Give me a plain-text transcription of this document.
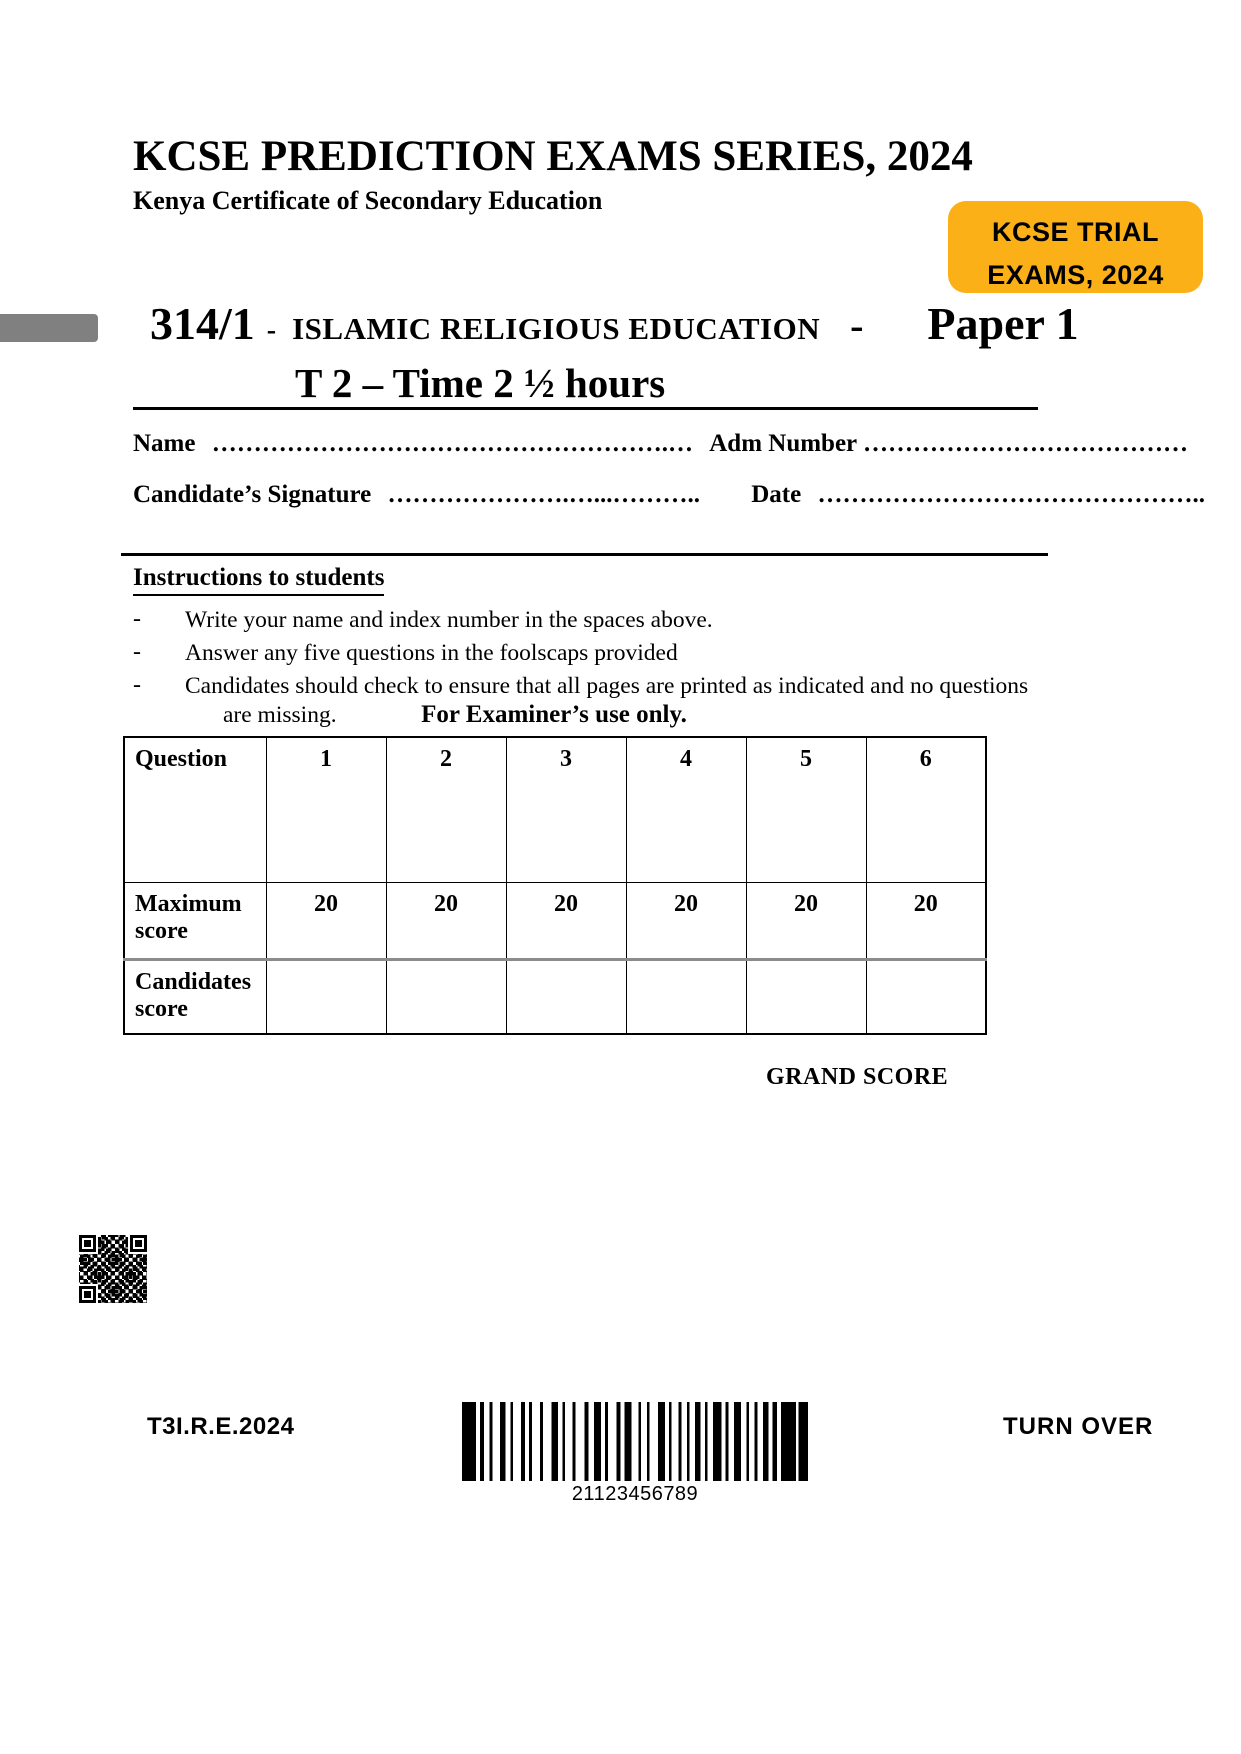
KCSE PREDICTION EXAMS SERIES, 2024
Kenya Certificate of Secondary Education
KCSE TRIAL
EXAMS, 2024
314/1 - ISLAMIC RELIGIOUS EDUCATION - Paper 1
T 2 – Time 2 ½ hours
Name ……………………………………………….… Adm Number …………………………………
Candidate’s Signature ………………….…...……….. Date ………………………………………..
Instructions to students
-	Write your name and index number in the spaces above.
-	Answer any five questions in the foolscaps provided
-	Candidates should check to ensure that all pages are printed as indicated and no questions are missing.	For Examiner’s use only.
Question	1	2	3	4	5	6
Maximum score	20	20	20	20	20	20
Candidates score						
GRAND SCORE
T3I.R.E.2024
21123456789
TURN OVER
